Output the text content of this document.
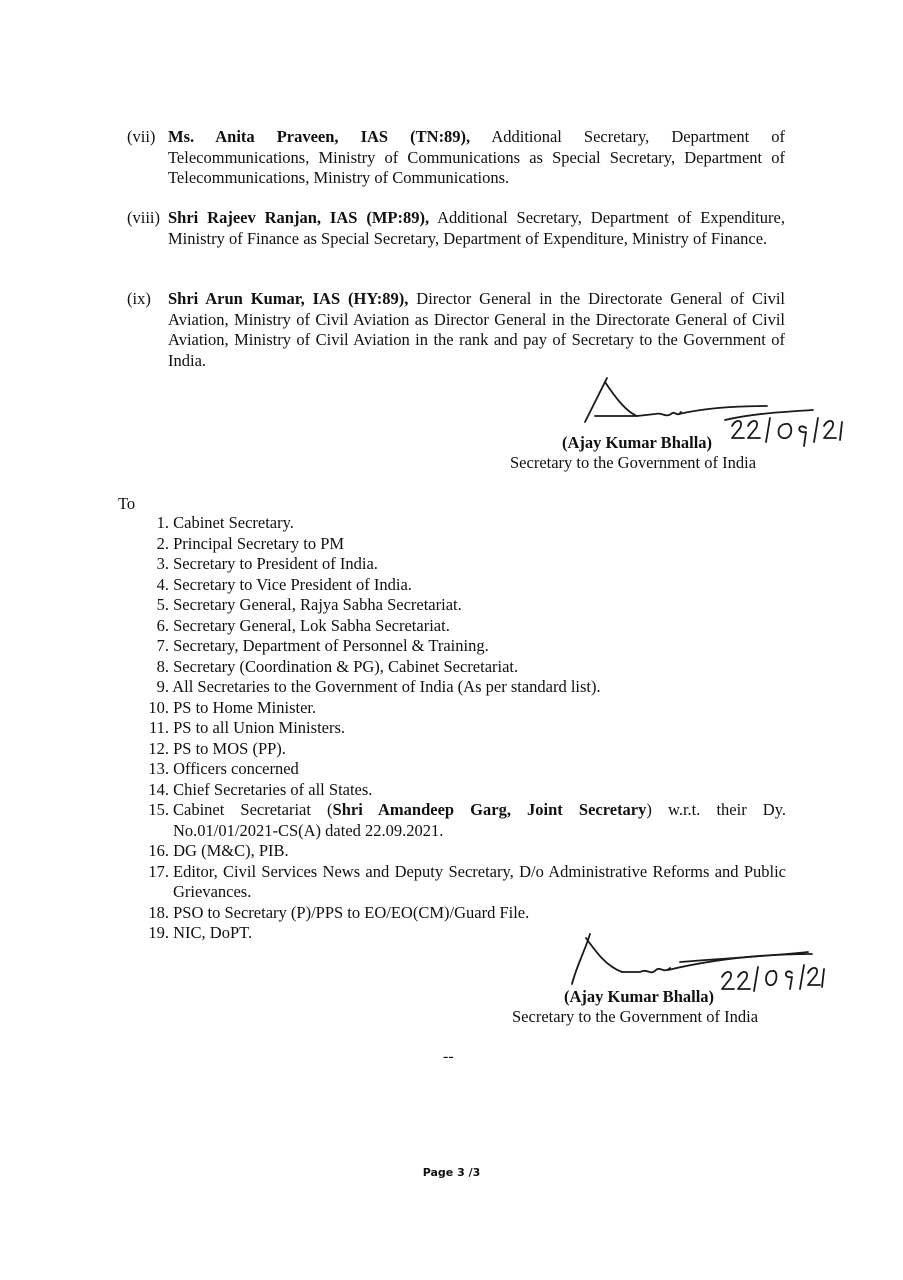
(vii) Ms. Anita Praveen, IAS (TN:89), Additional Secretary, Department of Telecommunications, Ministry of Communications as Special Secretary, Department of Telecommunications, Ministry of Communications.
(viii) Shri Rajeev Ranjan, IAS (MP:89), Additional Secretary, Department of Expenditure, Ministry of Finance as Special Secretary, Department of Expenditure, Ministry of Finance.
(ix) Shri Arun Kumar, IAS (HY:89), Director General in the Directorate General of Civil Aviation, Ministry of Civil Aviation as Director General in the Directorate General of Civil Aviation, Ministry of Civil Aviation in the rank and pay of Secretary to the Government of India.
(Ajay Kumar Bhalla)
Secretary to the Government of India
To
1. Cabinet Secretary.
2. Principal Secretary to PM
3. Secretary to President of India.
4. Secretary to Vice President of India.
5. Secretary General, Rajya Sabha Secretariat.
6. Secretary General, Lok Sabha Secretariat.
7. Secretary, Department of Personnel & Training.
8. Secretary (Coordination & PG), Cabinet Secretariat.
9. All Secretaries to the Government of India (As per standard list).
10. PS to Home Minister.
11. PS to all Union Ministers.
12. PS to MOS (PP).
13. Officers concerned
14. Chief Secretaries of all States.
15. Cabinet Secretariat (Shri Amandeep Garg, Joint Secretary) w.r.t. their Dy. No.01/01/2021-CS(A) dated 22.09.2021.
16. DG (M&C), PIB.
17. Editor, Civil Services News and Deputy Secretary, D/o Administrative Reforms and Public Grievances.
18. PSO to Secretary (P)/PPS to EO/EO(CM)/Guard File.
19. NIC, DoPT.
(Ajay Kumar Bhalla)
Secretary to the Government of India
--
Page 3 /3
